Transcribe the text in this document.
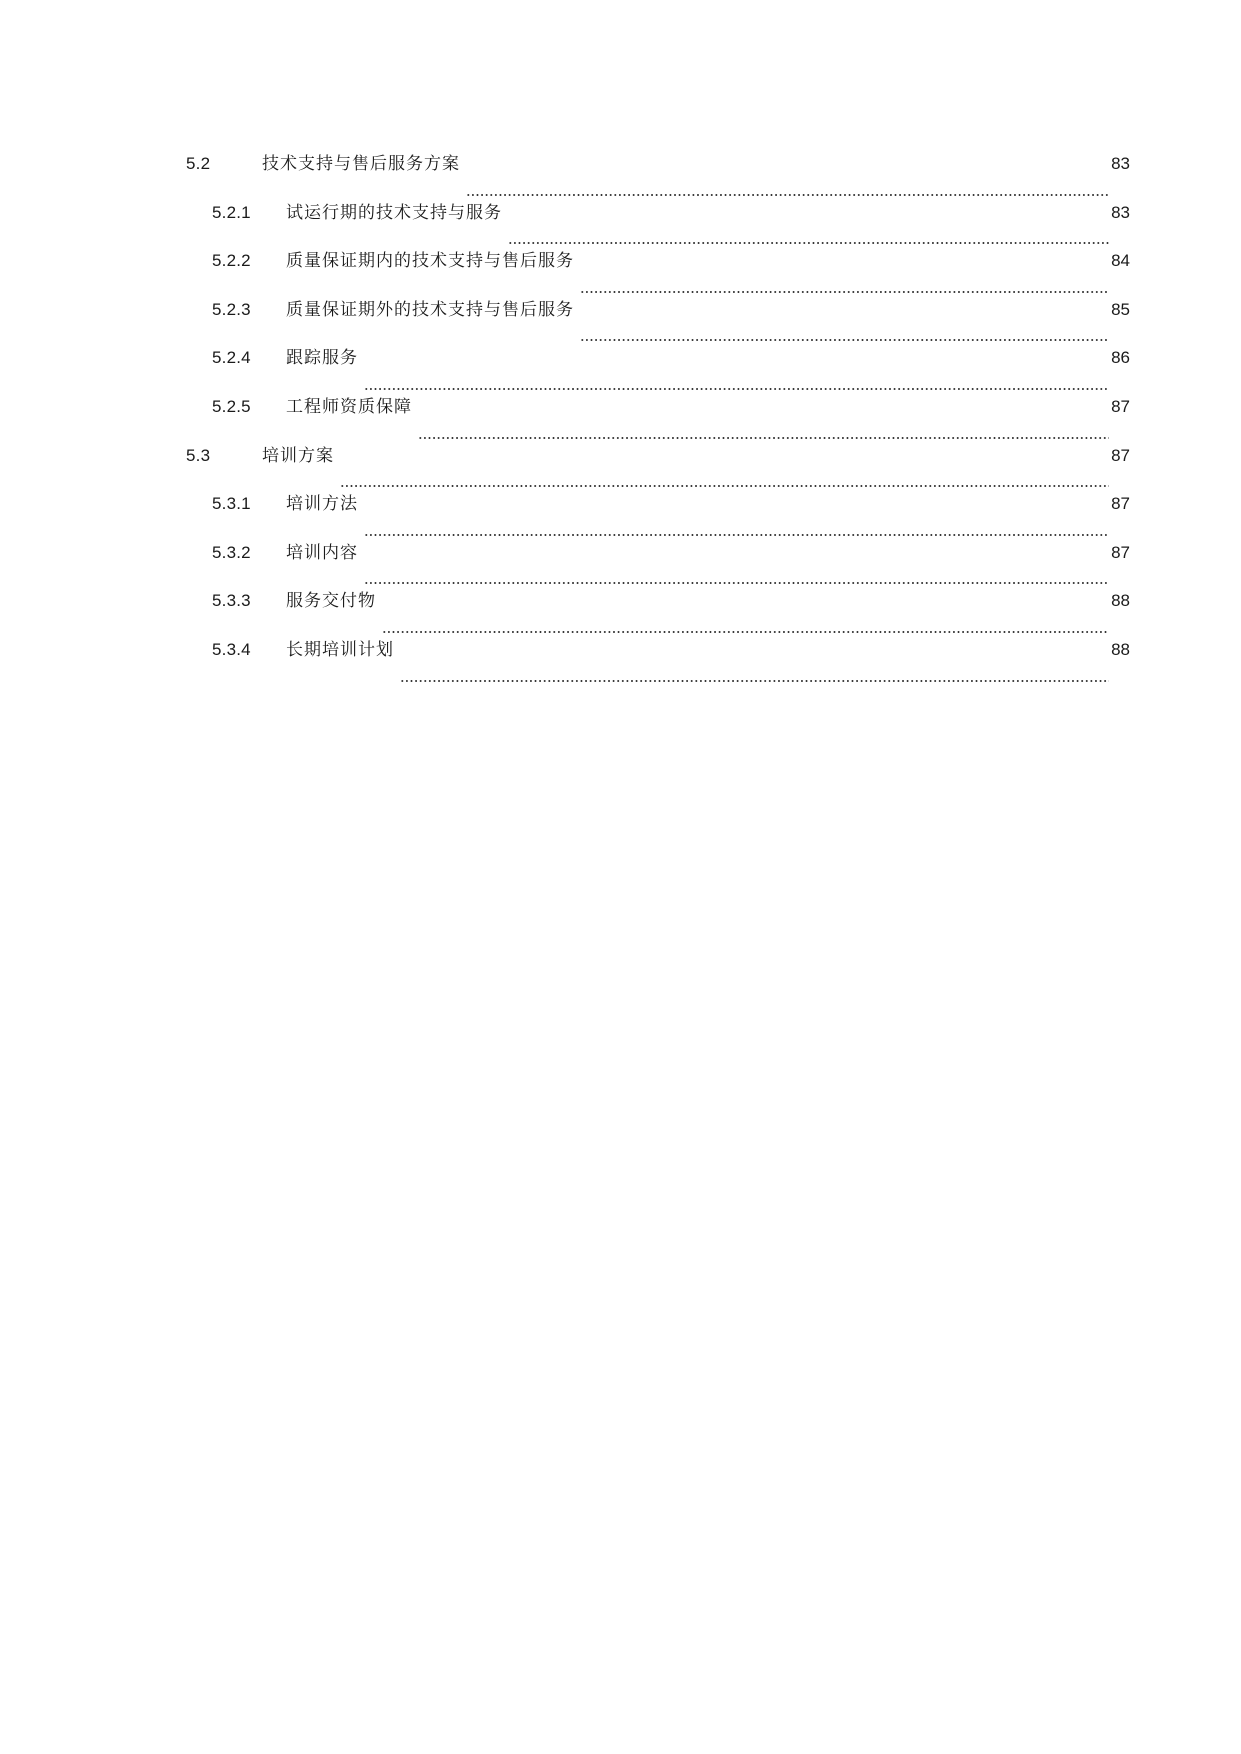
5.2	技术支持与售后服务方案	83
5.2.1	试运行期的技术支持与服务	83
5.2.2	质量保证期内的技术支持与售后服务	84
5.2.3	质量保证期外的技术支持与售后服务	85
5.2.4	跟踪服务	86
5.2.5	工程师资质保障	87
5.3	培训方案	87
5.3.1	培训方法	87
5.3.2	培训内容	87
5.3.3	服务交付物	88
5.3.4	长期培训计划	88
